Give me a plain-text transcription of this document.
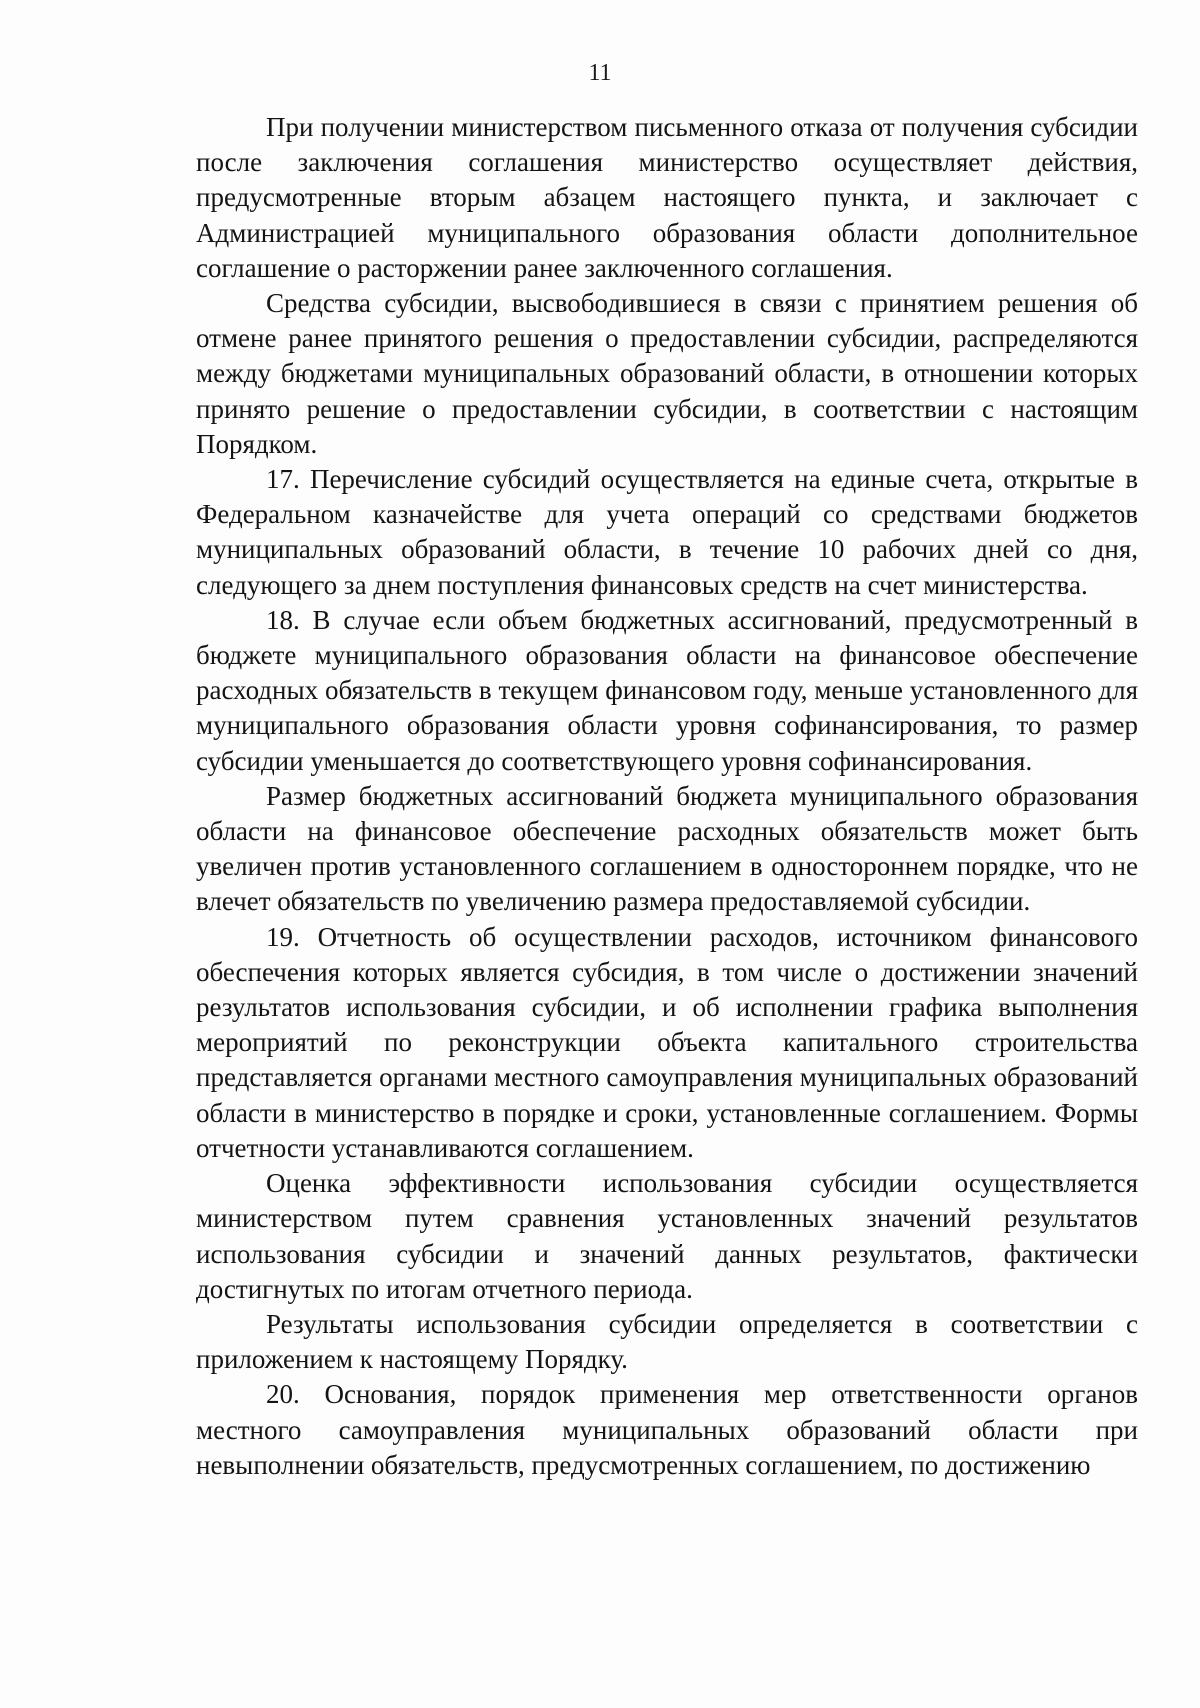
11

При получении министерством письменного отказа от получения субсидии после заключения соглашения министерство осуществляет действия, предусмотренные вторым абзацем настоящего пункта, и заключает с Администрацией муниципального образования области дополнительное соглашение о расторжении ранее заключенного соглашения.

Средства субсидии, высвободившиеся в связи с принятием решения об отмене ранее принятого решения о предоставлении субсидии, распределяются между бюджетами муниципальных образований области, в отношении которых принято решение о предоставлении субсидии, в соответствии с настоящим Порядком.

17. Перечисление субсидий осуществляется на единые счета, открытые в Федеральном казначействе для учета операций со средствами бюджетов муниципальных образований области, в течение 10 рабочих дней со дня, следующего за днем поступления финансовых средств на счет министерства.

18. В случае если объем бюджетных ассигнований, предусмотренный в бюджете муниципального образования области на финансовое обеспечение расходных обязательств в текущем финансовом году, меньше установленного для муниципального образования области уровня софинансирования, то размер субсидии уменьшается до соответствующего уровня софинансирования.

Размер бюджетных ассигнований бюджета муниципального образования области на финансовое обеспечение расходных обязательств может быть увеличен против установленного соглашением в одностороннем порядке, что не влечет обязательств по увеличению размера предоставляемой субсидии.

19. Отчетность об осуществлении расходов, источником финансового обеспечения которых является субсидия, в том числе о достижении значений результатов использования субсидии, и об исполнении графика выполнения мероприятий по реконструкции объекта капитального строительства представляется органами местного самоуправления муниципальных образований области в министерство в порядке и сроки, установленные соглашением. Формы отчетности устанавливаются соглашением.

Оценка эффективности использования субсидии осуществляется министерством путем сравнения установленных значений результатов использования субсидии и значений данных результатов, фактически достигнутых по итогам отчетного периода.

Результаты использования субсидии определяется в соответствии с приложением к настоящему Порядку.

20. Основания, порядок применения мер ответственности органов местного самоуправления муниципальных образований области при невыполнении обязательств, предусмотренных соглашением, по достижению
